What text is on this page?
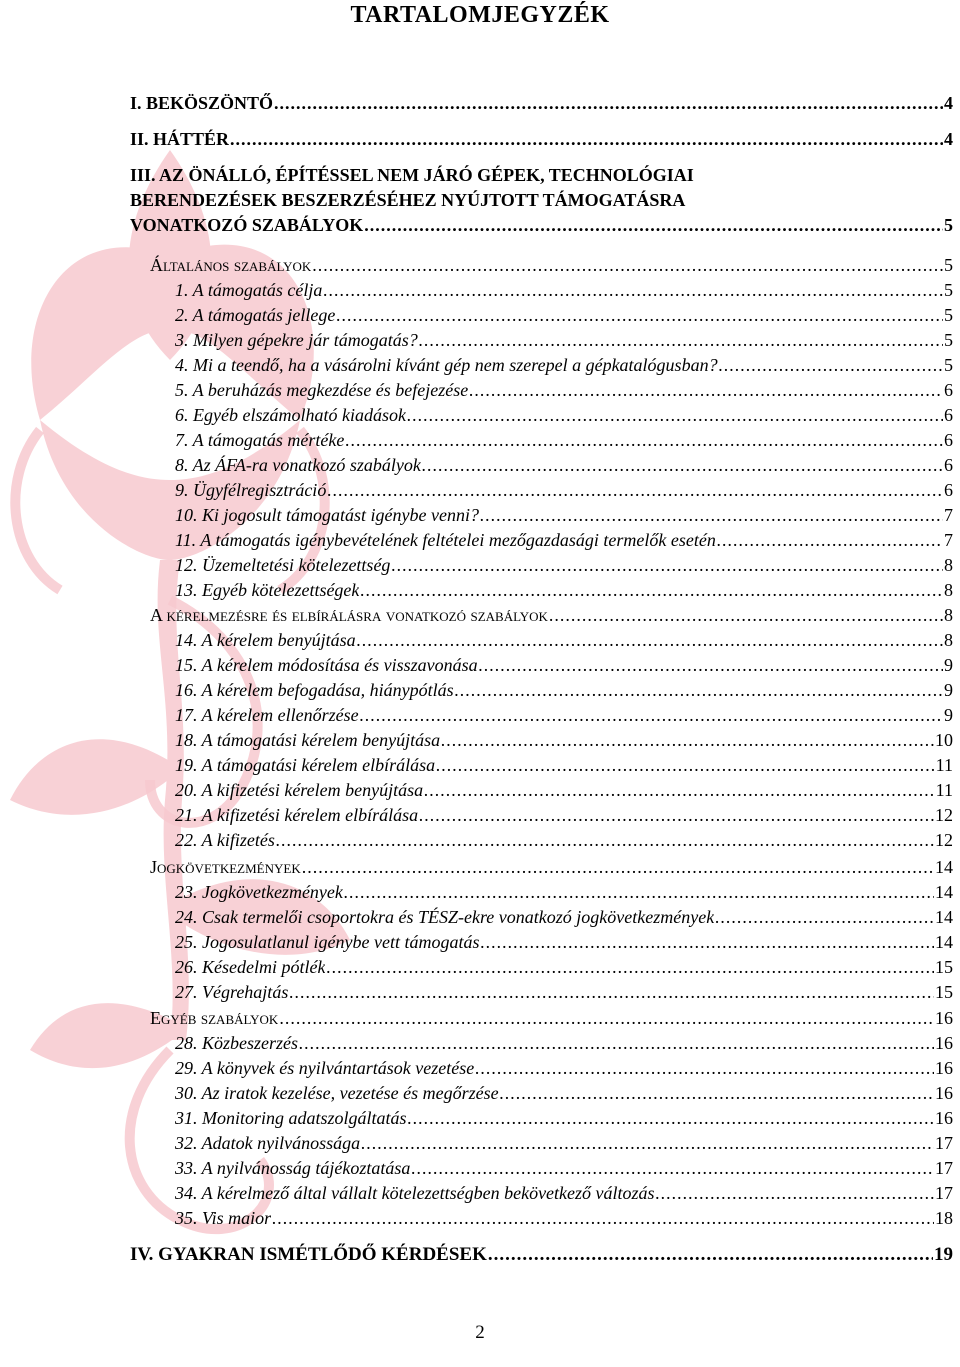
TARTALOMJEGYZÉK
I. BEKÖSZÖNTŐ .....	4
II. HÁTTÉR .....	4
III. AZ ÖNÁLLÓ, ÉPÍTÉSSEL NEM JÁRÓ GÉPEK, TECHNOLÓGIAI
BERENDEZÉSEK BESZERZÉSÉHEZ NYÚJTOTT TÁMOGATÁSRA
VONATKOZÓ SZABÁLYOK .....	5
Általános szabályok .....	5
1. A támogatás célja .....	5
2. A támogatás jellege .....	5
3. Milyen gépekre jár támogatás? .....	5
4. Mi a teendő, ha a vásárolni kívánt gép nem szerepel a gépkatalógusban? .....	5
5. A beruházás megkezdése és befejezése .....	6
6. Egyéb elszámolható kiadások .....	6
7. A támogatás mértéke .....	6
8. Az ÁFA-ra vonatkozó szabályok .....	6
9. Ügyfélregisztráció .....	6
10. Ki jogosult támogatást igénybe venni? .....	7
11. A támogatás igénybevételének feltételei mezőgazdasági termelők esetén .....	7
12. Üzemeltetési kötelezettség .....	8
13. Egyéb kötelezettségek .....	8
A kérelmezésre és elbírálásra vonatkozó szabályok .....	8
14. A kérelem benyújtása .....	8
15. A kérelem módosítása és visszavonása .....	9
16. A kérelem befogadása, hiánypótlás .....	9
17. A kérelem ellenőrzése .....	9
18. A támogatási kérelem benyújtása .....	10
19. A támogatási kérelem elbírálása .....	11
20. A kifizetési kérelem benyújtása .....	11
21. A kifizetési kérelem elbírálása .....	12
22. A kifizetés .....	12
Jogkövetkezmények .....	14
23. Jogkövetkezmények .....	14
24. Csak termelői csoportokra és TÉSZ-ekre vonatkozó jogkövetkezmények .....	14
25. Jogosulatlanul igénybe vett támogatás .....	14
26. Késedelmi pótlék .....	15
27. Végrehajtás .....	15
Egyéb szabályok .....	16
28. Közbeszerzés .....	16
29. A könyvek és nyilvántartások vezetése .....	16
30. Az iratok kezelése, vezetése és megőrzése .....	16
31. Monitoring adatszolgáltatás .....	16
32. Adatok nyilvánossága .....	17
33. A nyilvánosság tájékoztatása .....	17
34. A kérelmező által vállalt kötelezettségben bekövetkező változás .....	17
35. Vis maior .....	18
IV. GYAKRAN ISMÉTLŐDŐ KÉRDÉSEK .....	19
2
